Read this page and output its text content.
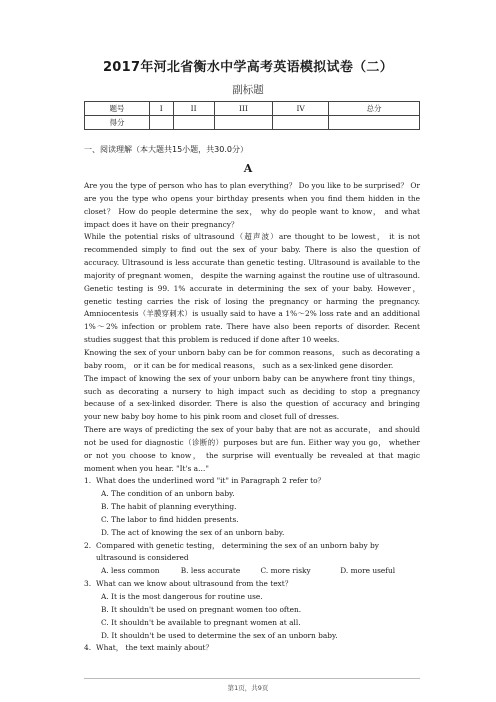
2017年河北省衡水中学高考英语模拟试卷（二）
副标题
题号	I	II	III	IV	总分
得分					
一、阅读理解（本大题共15小题，共30.0分）
A

Are you the type of person who has to plan everything？ Do you like to be surprised？ Or are you the type who opens your birthday presents when you find them hidden in the closet？ How do people determine the sex， why do people want to know， and what impact does it have on their pregnancy？

While the potential risks of ultrasound（超声波）are thought to be lowest， it is not recommended simply to find out the sex of your baby. There is also the question of accuracy. Ultrasound is less accurate than genetic testing. Ultrasound is available to the majority of pregnant women， despite the warning against the routine use of ultrasound. Genetic testing is 99. 1% accurate in determining the sex of your baby. However， genetic testing carries the risk of losing the pregnancy or harming the pregnancy. Amniocentesis（羊膜穿刺术）is usually said to have a 1%～2% loss rate and an additional 1%～2% infection or problem rate. There have also been reports of disorder. Recent studies suggest that this problem is reduced if done after 10 weeks.

Knowing the sex of your unborn baby can be for common reasons， such as decorating a baby room， or it can be for medical reasons， such as a sex-linked gene disorder.

The impact of knowing the sex of your unborn baby can be anywhere front tiny things， such as decorating a nursery to high impact such as deciding to stop a pregnancy because of a sex-linked disorder. There is also the question of accuracy and bringing your new baby boy home to his pink room and closet full of dresses.

There are ways of predicting the sex of your baby that are not as accurate， and should not be used for diagnostic（诊断的）purposes but are fun. Either way you go， whether or not you choose to know， the surprise will eventually be revealed at that magic moment when you hear. "It's a…"

1. What does the underlined word "it" in Paragraph 2 refer to？
A. The condition of an unborn baby.
B. The habit of planning everything.
C. The labor to find hidden presents.
D. The act of knowing the sex of an unborn baby.
2. Compared with genetic testing， determining the sex of an unborn baby by ultrasound is considered
A. less common	B. less accurate	C. more risky	D. more useful
3. What can we know about ultrasound from the text？
A. It is the most dangerous for routine use.
B. It shouldn't be used on pregnant women too often.
C. It shouldn't be available to pregnant women at all.
D. It shouldn't be used to determine the sex of an unborn baby.
4. What， the text mainly about？
第1页，共9页
